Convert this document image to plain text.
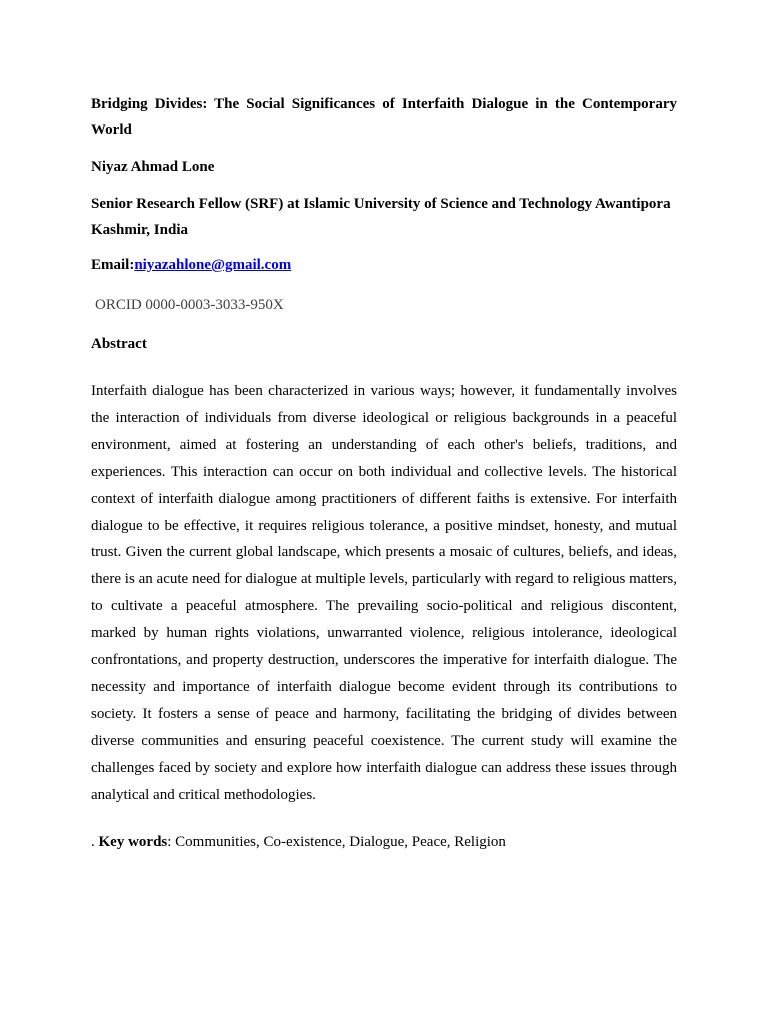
Bridging Divides: The Social Significances of Interfaith Dialogue in the Contemporary World

Niyaz Ahmad Lone

Senior Research Fellow (SRF) at Islamic University of Science and Technology Awantipora Kashmir, India

Email:niyazahlone@gmail.com

ORCID 0000-0003-3033-950X

Abstract

Interfaith dialogue has been characterized in various ways; however, it fundamentally involves the interaction of individuals from diverse ideological or religious backgrounds in a peaceful environment, aimed at fostering an understanding of each other's beliefs, traditions, and experiences. This interaction can occur on both individual and collective levels. The historical context of interfaith dialogue among practitioners of different faiths is extensive. For interfaith dialogue to be effective, it requires religious tolerance, a positive mindset, honesty, and mutual trust. Given the current global landscape, which presents a mosaic of cultures, beliefs, and ideas, there is an acute need for dialogue at multiple levels, particularly with regard to religious matters, to cultivate a peaceful atmosphere. The prevailing socio-political and religious discontent, marked by human rights violations, unwarranted violence, religious intolerance, ideological confrontations, and property destruction, underscores the imperative for interfaith dialogue. The necessity and importance of interfaith dialogue become evident through its contributions to society. It fosters a sense of peace and harmony, facilitating the bridging of divides between diverse communities and ensuring peaceful coexistence. The current study will examine the challenges faced by society and explore how interfaith dialogue can address these issues through analytical and critical methodologies.

. Key words: Communities, Co-existence, Dialogue, Peace, Religion
